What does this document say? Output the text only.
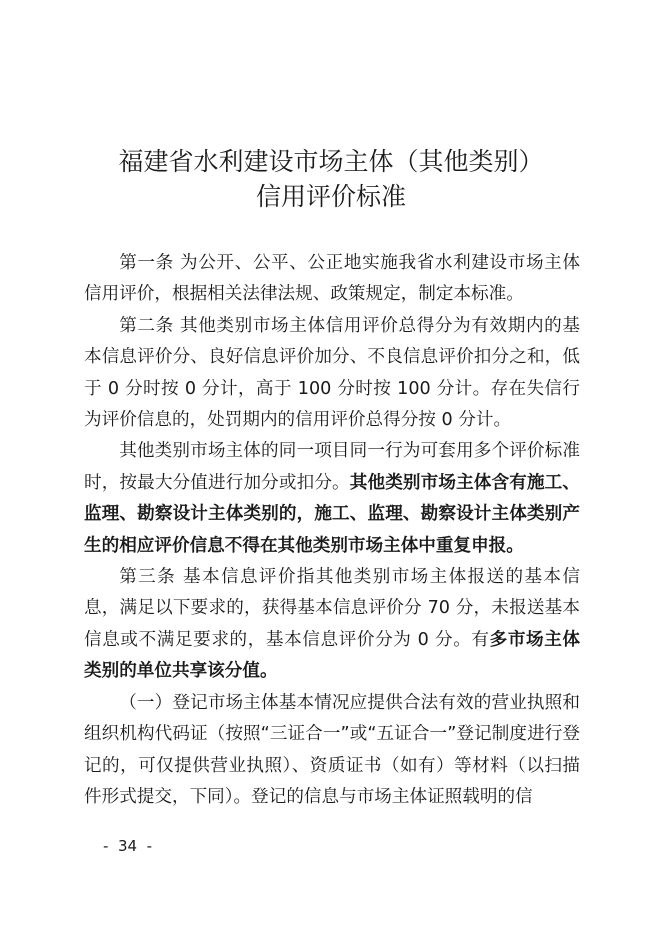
福建省水利建设市场主体（其他类别）
信用评价标准

第一条 为公开、公平、公正地实施我省水利建设市场主体信用评价，根据相关法律法规、政策规定，制定本标准。

第二条 其他类别市场主体信用评价总得分为有效期内的基本信息评价分、良好信息评价加分、不良信息评价扣分之和，低于 0 分时按 0 分计，高于 100 分时按 100 分计。存在失信行为评价信息的，处罚期内的信用评价总得分按 0 分计。

其他类别市场主体的同一项目同一行为可套用多个评价标准时，按最大分值进行加分或扣分。其他类别市场主体含有施工、监理、勘察设计主体类别的，施工、监理、勘察设计主体类别产生的相应评价信息不得在其他类别市场主体中重复申报。

第三条 基本信息评价指其他类别市场主体报送的基本信息，满足以下要求的，获得基本信息评价分 70 分，未报送基本信息或不满足要求的，基本信息评价分为 0 分。有多市场主体类别的单位共享该分值。

（一）登记市场主体基本情况应提供合法有效的营业执照和组织机构代码证（按照“三证合一”或“五证合一”登记制度进行登记的，可仅提供营业执照）、资质证书（如有）等材料（以扫描件形式提交，下同）。登记的信息与市场主体证照载明的信

-  34  -
